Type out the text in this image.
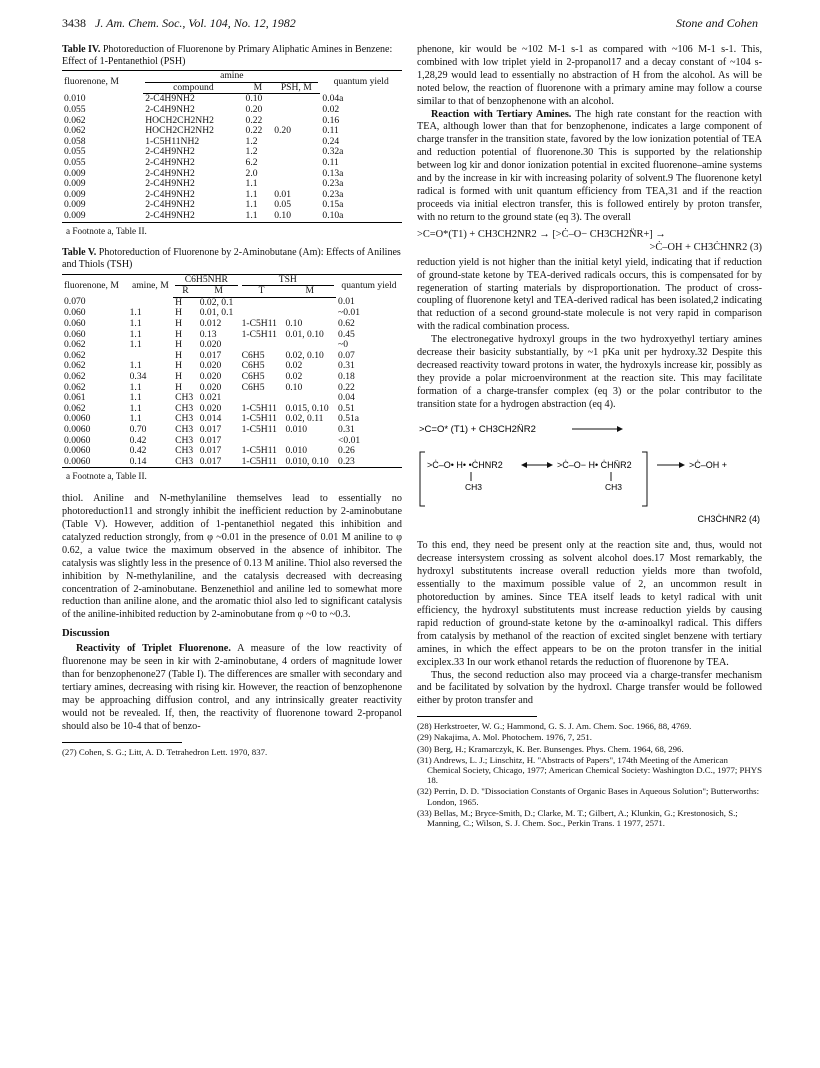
3438 J. Am. Chem. Soc., Vol. 104, No. 12, 1982	Stone and Cohen
Table IV. Photoreduction of Fluorenone by Primary Aliphatic Amines in Benzene: Effect of 1-Pentanethiol (PSH)
fluorenone, M	amine			quantum yield
	compound	M	PSH, M	
0.010	2-C4H9NH2	0.10		0.04a
0.055	2-C4H9NH2	0.20		0.02
0.062	HOCH2CH2NH2	0.22		0.16
0.062	HOCH2CH2NH2	0.22	0.20	0.11
0.058	1-C5H11NH2	1.2		0.24
0.055	2-C4H9NH2	1.2		0.32a
0.055	2-C4H9NH2	6.2		0.11
0.009	2-C4H9NH2	2.0		0.13a
0.009	2-C4H9NH2	1.1		0.23a
0.009	2-C4H9NH2	1.1	0.01	0.23a
0.009	2-C4H9NH2	1.1	0.05	0.15a
0.009	2-C4H9NH2	1.1	0.10	0.10a
a Footnote a, Table II.
Table V. Photoreduction of Fluorenone by 2-Aminobutane (Am): Effects of Anilines and Thiols (TSH)
fluorenone, M	amine, M	C6H5NHR		TSH		quantum yield
		R	M	T	M	
0.070		H	0.02, 0.1			0.01
0.060	1.1	H	0.01, 0.1			~0.01
0.060	1.1	H	0.012	1-C5H11	0.10	0.62
0.060	1.1	H	0.13	1-C5H11	0.01, 0.10	0.45
0.062	1.1	H	0.020			~0
0.062		H	0.017	C6H5	0.02, 0.10	0.07
0.062	1.1	H	0.020	C6H5	0.02	0.31
0.062	0.34	H	0.020	C6H5	0.02	0.18
0.062	1.1	H	0.020	C6H5	0.10	0.22
0.061	1.1	CH3	0.021			0.04
0.062	1.1	CH3	0.020	1-C5H11	0.015, 0.10	0.51
0.0060	1.1	CH3	0.014	1-C5H11	0.02, 0.11	0.51a
0.0060	0.70	CH3	0.017	1-C5H11	0.010	0.31
0.0060	0.42	CH3	0.017			<0.01
0.0060	0.42	CH3	0.017	1-C5H11	0.010	0.26
0.0060	0.14	CH3	0.017	1-C5H11	0.010, 0.10	0.23
a Footnote a, Table II.

thiol. Aniline and N-methylaniline themselves lead to essentially no photoreduction11 and strongly inhibit the inefficient reduction by 2-aminobutane (Table V). However, addition of 1-pentanethiol negated this inhibition and catalyzed reduction strongly, from φ ~0.01 in the presence of 0.01 M aniline to φ 0.62, a value twice the maximum observed in the absence of inhibitor. The catalysis was slightly less in the presence of 0.13 M aniline. Thiol also reversed the inhibition by N-methylaniline, and the catalysis decreased with decreasing concentration of 2-aminobutane. Benzenethiol and aniline led to somewhat more reduction than aniline alone, and the aromatic thiol also led to significant catalysis of the aniline-inhibited reduction by 2-aminobutane from φ ~0 to ~0.3.

Discussion

Reactivity of Triplet Fluorenone. A measure of the low reactivity of fluorenone may be seen in kir with 2-aminobutane, 4 orders of magnitude lower than for benzophenone27 (Table I). The differences are smaller with secondary and tertiary amines, decreasing with rising kir. However, the reaction of benzophenone may be approaching diffusion control, and any intrinsically greater reactivity would not be revealed. If, then, the reactivity of fluorenone toward 2-propanol should also be 10-4 that of benzo-

(27) Cohen, S. G.; Litt, A. D. Tetrahedron Lett. 1970, 837.

phenone, kir would be ~102 M-1 s-1 as compared with ~106 M-1 s-1. This, combined with low triplet yield in 2-propanol17 and a decay constant of ~104 s-1,28,29 would lead to essentially no abstraction of H from the alcohol. As will be noted below, the reaction of fluorenone with a primary amine may follow a course similar to that of benzophenone with an alcohol.

Reaction with Tertiary Amines. The high rate constant for the reaction with TEA, although lower than that for benzophenone, indicates a large component of charge transfer in the transition state, favored by the low ionization potential of TEA and reduction potential of fluorenone.30 This is supported by the relationship between log kir and donor ionization potential in excited fluorenone–amine systems and by the increase in kir with increasing polarity of solvent.9 The fluorenone ketyl radical is formed with unit quantum efficiency from TEA,31 and if the reaction proceeds via initial electron transfer, this is followed entirely by proton transfer, with no return to the ground state (eq 3). The overall

>C=O*(T1) + CH3CH2NR2 → [>Ċ–O− CH3CH2N̈R+] →
>Ċ–OH + CH3ĊHNR2 (3)

reduction yield is not higher than the initial ketyl yield, indicating that if reduction of ground-state ketone by TEA-derived radicals occurs, this is compensated for by regeneration of starting materials by disproportionation. The product of cross-coupling of fluorenone ketyl and TEA-derived radical has been isolated,2 indicating that reduction of a second ground-state molecule is not very rapid in comparison with the radical combination process.

The electronegative hydroxyl groups in the two hydroxyethyl tertiary amines decrease their basicity substantially, by ~1 pKa unit per hydroxy.32 Despite this decreased reactivity toward protons in water, the hydroxyls increase kir, possibly as they provide a polar microenvironment at the reaction site. This may facilitate formation of a charge-transfer complex (eq 3) or the polar contributor to the transition state for a hydrogen abstraction (eq 4).

>C=O* (T1) + CH3CH2N̈R2
>Ċ–O• H• •ĊHNR2	>Ċ–O− H• ĊHN̈R2
CH3	CH3
>Ċ–OH +
CH3ĊHNR2 (4)

To this end, they need be present only at the reaction site and, thus, would not decrease intersystem crossing as solvent alcohol does.17 Most remarkably, the hydroxyl substitutents increase overall reduction yields more than twofold, essentially to the maximum possible value of 2, an uncommon result in photoreduction by amines. Since TEA itself leads to ketyl radical with unit efficiency, the hydroxyl substitutents must increase reduction yields by causing rapid reduction of ground-state ketone by the α-aminoalkyl radical. This differs from catalysis by methanol of the reaction of excited singlet benzene with tertiary amines, in which the effect appears to be on the proton transfer in the initial exciplex.33 In our work ethanol retards the reduction of fluorenone by TEA.

Thus, the second reduction also may proceed via a charge-transfer mechanism and be facilitated by solvation by the hydroxl. Charge transfer would be followed either by proton transfer and

(28) Herkstroeter, W. G.; Hammond, G. S. J. Am. Chem. Soc. 1966, 88, 4769.
(29) Nakajima, A. Mol. Photochem. 1976, 7, 251.
(30) Berg, H.; Kramarczyk, K. Ber. Bunsenges. Phys. Chem. 1964, 68, 296.
(31) Andrews, L. J.; Linschitz, H. "Abstracts of Papers", 174th Meeting of the American Chemical Society, Chicago, 1977; American Chemical Society: Washington D.C., 1977; PHYS 18.
(32) Perrin, D. D. "Dissociation Constants of Organic Bases in Aqueous Solution"; Butterworths: London, 1965.
(33) Bellas, M.; Bryce-Smith, D.; Clarke, M. T.; Gilbert, A.; Klunkin, G.; Krestonosich, S.; Manning, C.; Wilson, S. J. Chem. Soc., Perkin Trans. 1 1977, 2571.
